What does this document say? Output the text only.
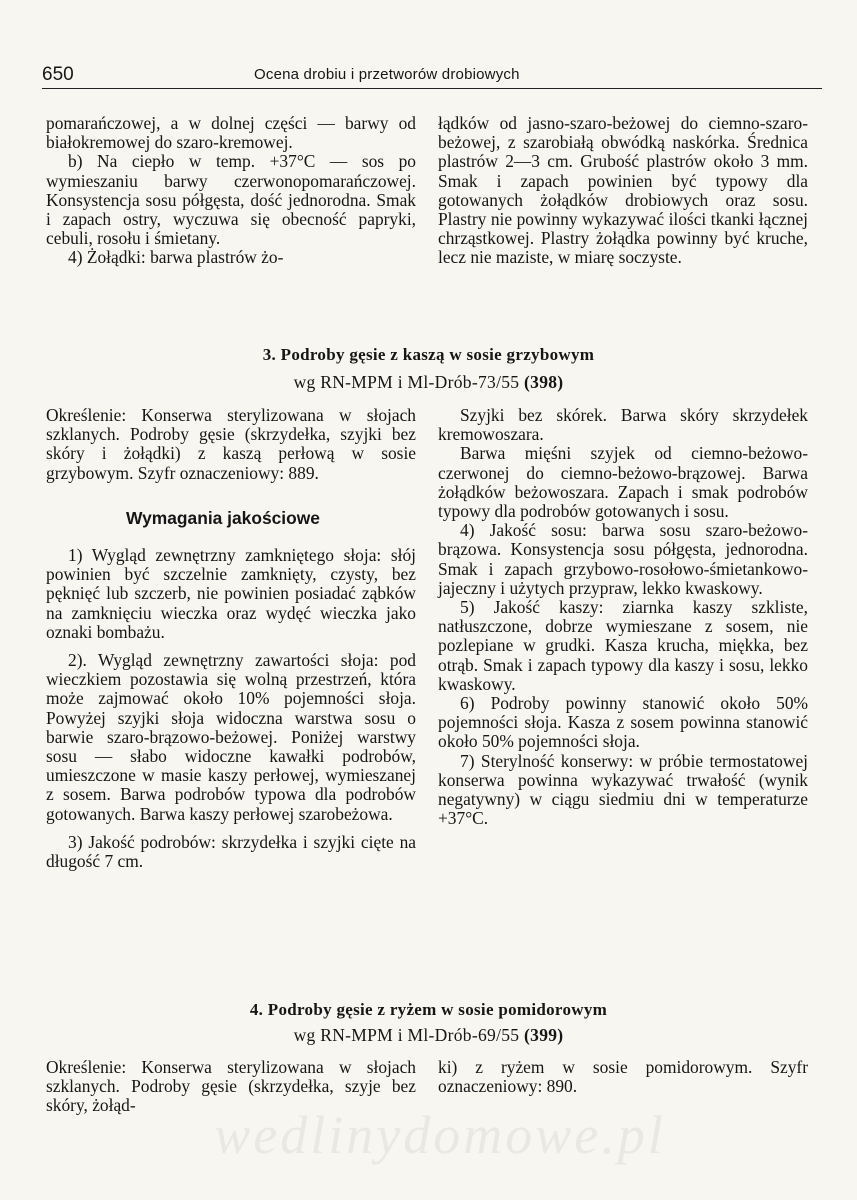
650	Ocena drobiu i przetworów drobiowych

pomarańczowej, a w dolnej części — barwy od białokremowej do szaro-kremowej.

b) Na ciepło w temp. +37°C — sos po wymieszaniu barwy czerwonopomarańczowej. Konsystencja sosu półgęsta, dość jednorodna. Smak i zapach ostry, wyczuwa się obecność papryki, cebuli, rosołu i śmietany.

4) Żołądki: barwa plastrów żo-

łądków od jasno-szaro-beżowej do ciemno-szaro-beżowej, z szarobiałą obwódką naskórka. Średnica plastrów 2—3 cm. Grubość plastrów około 3 mm. Smak i zapach powinien być typowy dla gotowanych żołądków drobiowych oraz sosu. Plastry nie powinny wykazywać ilości tkanki łącznej chrząstkowej. Plastry żołądka powinny być kruche, lecz nie maziste, w miarę soczyste.

3. Podroby gęsie z kaszą w sosie grzybowym
wg RN-MPM i Ml-Drób-73/55 (398)

Określenie: Konserwa sterylizowana w słojach szklanych. Podroby gęsie (skrzydełka, szyjki bez skóry i żołądki) z kaszą perłową w sosie grzybowym. Szyfr oznaczeniowy: 889.

Wymagania jakościowe

1) Wygląd zewnętrzny zamkniętego słoja: słój powinien być szczelnie zamknięty, czysty, bez pęknięć lub szczerb, nie powinien posiadać ząbków na zamknięciu wieczka oraz wydęć wieczka jako oznaki bombażu.

2). Wygląd zewnętrzny zawartości słoja: pod wieczkiem pozostawia się wolną przestrzeń, która może zajmować około 10% pojemności słoja. Powyżej szyjki słoja widoczna warstwa sosu o barwie szaro-brązowo-beżowej. Poniżej warstwy sosu — słabo widoczne kawałki podrobów, umieszczone w masie kaszy perłowej, wymieszanej z sosem. Barwa podrobów typowa dla podrobów gotowanych. Barwa kaszy perłowej szarobeżowa.

3) Jakość podrobów: skrzydełka i szyjki cięte na długość 7 cm.

Szyjki bez skórek. Barwa skóry skrzydełek kremowoszara.

Barwa mięśni szyjek od ciemno-beżowo-czerwonej do ciemno-beżowo-brązowej. Barwa żołądków beżowoszara. Zapach i smak podrobów typowy dla podrobów gotowanych i sosu.

4) Jakość sosu: barwa sosu szaro-beżowo-brązowa. Konsystencja sosu półgęsta, jednorodna. Smak i zapach grzybowo-rosołowo-śmietankowo-jajeczny i użytych przypraw, lekko kwaskowy.

5) Jakość kaszy: ziarnka kaszy szkliste, natłuszczone, dobrze wymieszane z sosem, nie pozlepiane w grudki. Kasza krucha, miękka, bez otrąb. Smak i zapach typowy dla kaszy i sosu, lekko kwaskowy.

6) Podroby powinny stanowić około 50% pojemności słoja. Kasza z sosem powinna stanowić około 50% pojemności słoja.

7) Sterylność konserwy: w próbie termostatowej konserwa powinna wykazywać trwałość (wynik negatywny) w ciągu siedmiu dni w temperaturze +37°C.

4. Podroby gęsie z ryżem w sosie pomidorowym
wg RN-MPM i Ml-Drób-69/55 (399)

Określenie: Konserwa sterylizowana w słojach szklanych. Podroby gęsie (skrzydełka, szyje bez skóry, żołąd-

ki) z ryżem w sosie pomidorowym. Szyfr oznaczeniowy: 890.

wedlinydomowe.pl
